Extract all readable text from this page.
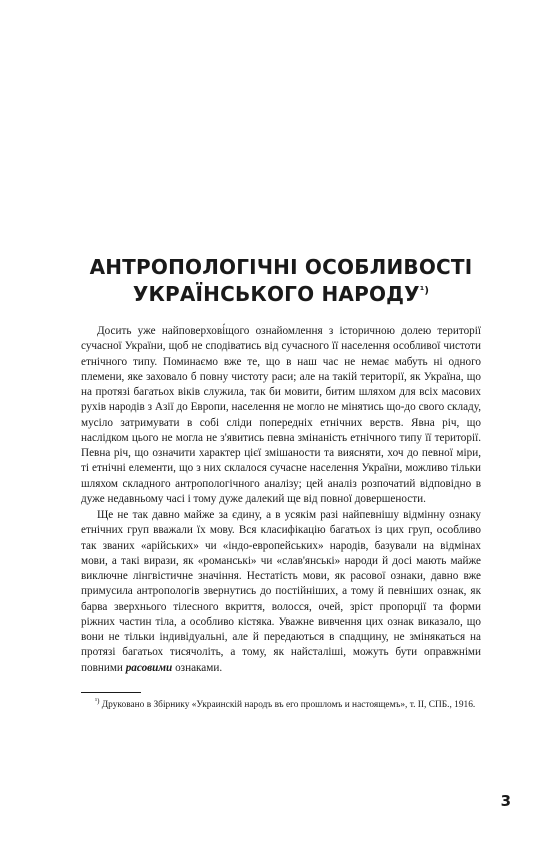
АНТРОПОЛОГІЧНІ ОСОБЛИВОСТІ
УКРАЇНСЬКОГО $НАРОДУ^{^1)}$

Досить уже найповерхові́щого ознайомлення з історичною долею території сучасної України, щоб не сподіватись від сучасного її населення особливої чистоти етнічного типу. Поминаємо вже те, що в наш час не немає мабуть ні одного племени, яке заховало б повну чистоту раси; але на такій території, як Україна, що на протязі багатьох віків служила, так би мовити, битим шляхом для всіх масових рухів народів з Азії до Европи, населення не могло не мінятись що-до свого складу, мусіло затримувати в собі сліди попередніх етнічних верств. Явна річ, що наслідком цього не могла не з'явитись певна змінаність етнічного типу її території. Певна річ, що означити характер цієї змішаности та виясняти, хоч до певної міри, ті етнічні елементи, що з них склалося сучасне населення України, можливо тільки шляхом складного антропологічного аналізу; цей аналіз розпочатий відповідно в дуже недавньому часі і тому дуже далекий ще від повної довершености.

Ще не так давно майже за єдину, а в усякім разі найпевнішу відмінну ознаку етнічних груп вважали їх мову. Вся класифікацію багатьох із цих груп, особливо так званих «арійських» чи «індо-европейських» народів, базували на відмінах мови, а такі вирази, як «романські» чи «слав'янські» народи й досі мають майже виключне лінгвістичне значіння. Нестатість мови, як расової ознаки, давно вже примусила антропологів звернутись до постійніших, а тому й певніших ознак, як барва зверхнього тілесного вкриття, волосся, очей, зріст пропорції та форми ріжних частин тіла, а особливо кістяка. Уважне вивчення цих ознак виказало, що вони не тільки індивідуальні, але й передаються в спадщину, не змінякаться на протязі багатьох тисячоліть, а тому, як найсталіші, можуть бути оправжніми повними расовими ознаками.

$^{^1)}$ Друковано в Збірнику «Украинскій народъ въ его прошломъ и настоящемъ», т. II, СПБ., 1916.

3
